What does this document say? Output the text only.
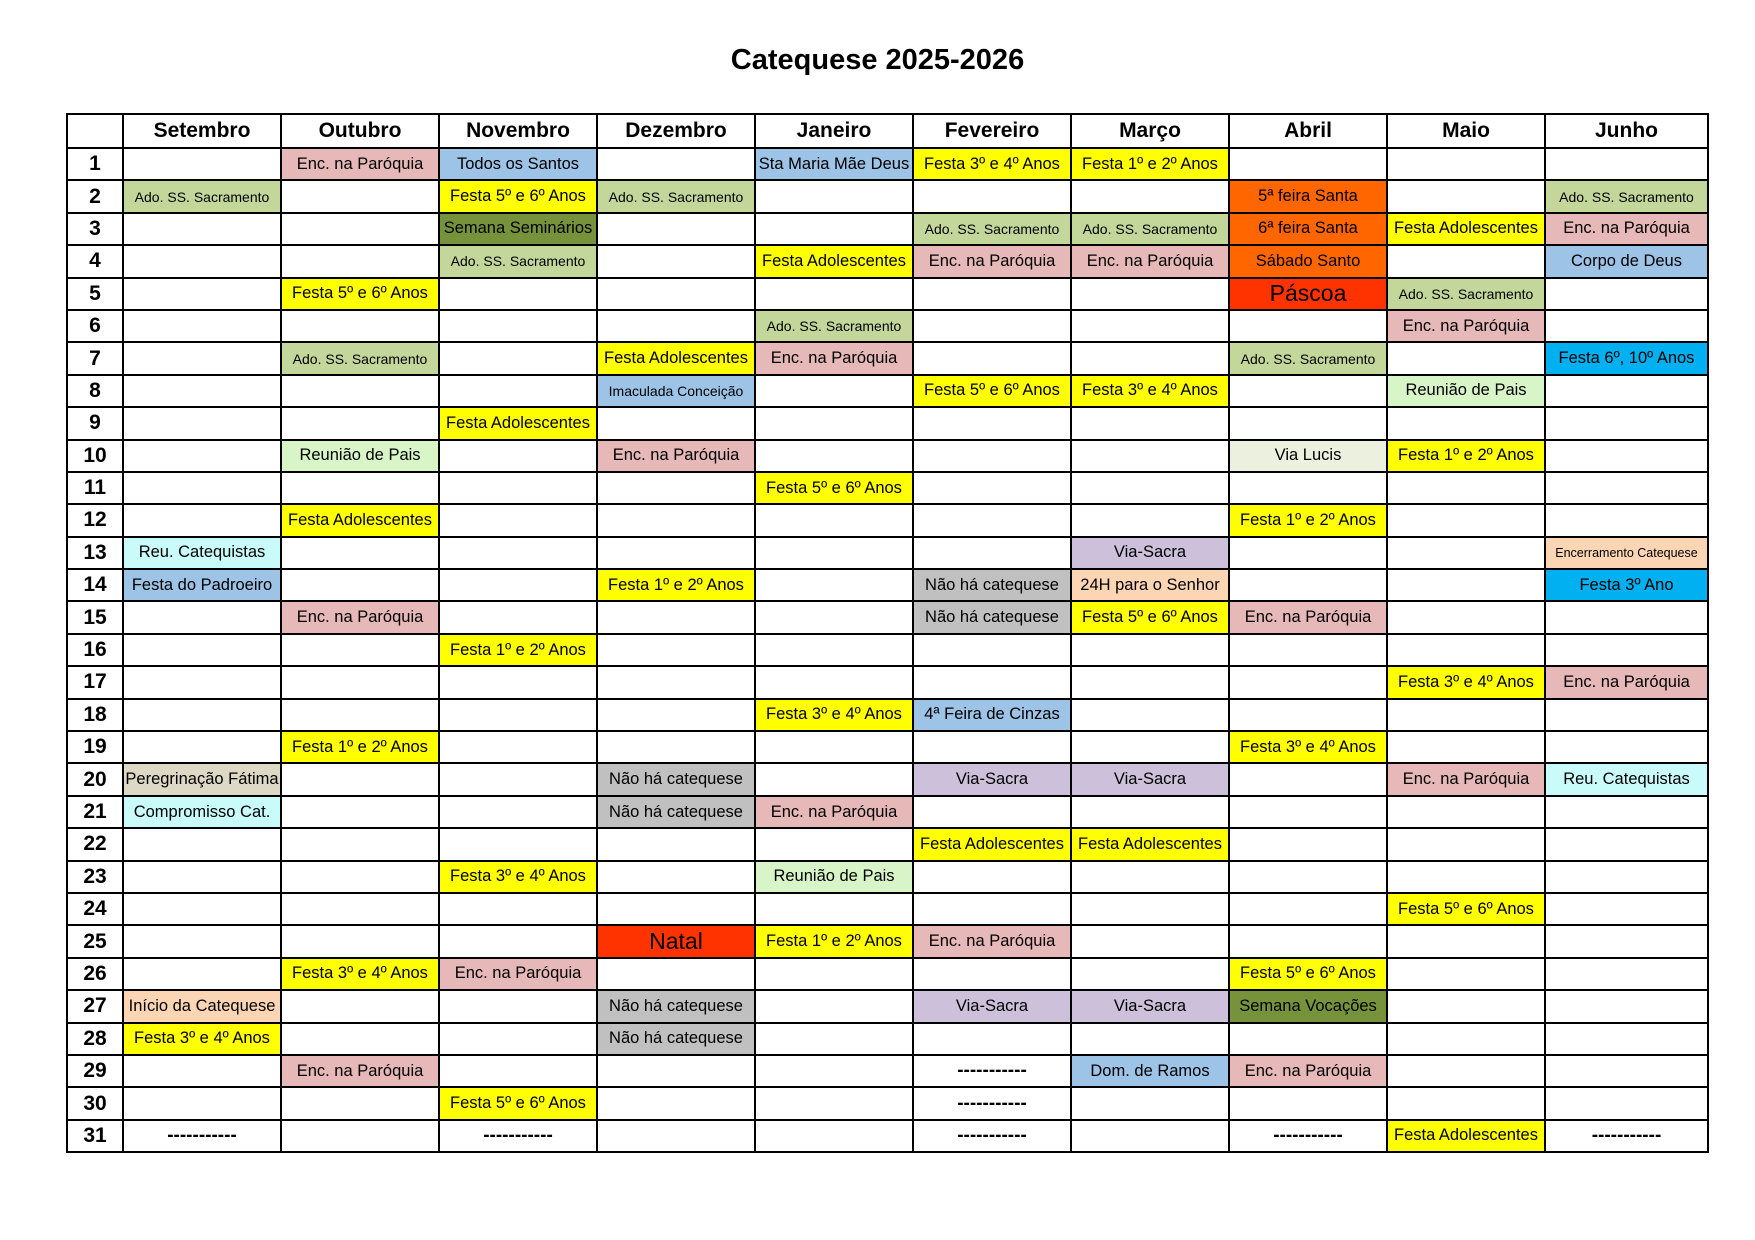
Catequese 2025-2026
	Setembro	Outubro	Novembro	Dezembro	Janeiro	Fevereiro	Março	Abril	Maio	Junho
1		Enc. na Paróquia	Todos os Santos		Sta Maria Mãe Deus	Festa 3º e 4º Anos	Festa 1º e 2º Anos			
2	Ado. SS. Sacramento		Festa 5º e 6º Anos	Ado. SS. Sacramento				5ª feira Santa		Ado. SS. Sacramento
3			Semana Seminários			Ado. SS. Sacramento	Ado. SS. Sacramento	6ª feira Santa	Festa Adolescentes	Enc. na Paróquia
4			Ado. SS. Sacramento		Festa Adolescentes	Enc. na Paróquia	Enc. na Paróquia	Sábado Santo		Corpo de Deus
5		Festa 5º e 6º Anos						Páscoa	Ado. SS. Sacramento	
6					Ado. SS. Sacramento				Enc. na Paróquia	
7		Ado. SS. Sacramento		Festa Adolescentes	Enc. na Paróquia			Ado. SS. Sacramento		Festa 6º, 10º Anos
8				Imaculada Conceição		Festa 5º e 6º Anos	Festa 3º e 4º Anos		Reunião de Pais	
9			Festa Adolescentes							
10		Reunião de Pais		Enc. na Paróquia				Via Lucis	Festa 1º e 2º Anos	
11					Festa 5º e 6º Anos					
12		Festa Adolescentes						Festa 1º e 2º Anos		
13	Reu. Catequistas						Via-Sacra			Encerramento Catequese
14	Festa do Padroeiro			Festa 1º e 2º Anos		Não há catequese	24H para o Senhor			Festa 3º Ano
15		Enc. na Paróquia				Não há catequese	Festa 5º e 6º Anos	Enc. na Paróquia		
16			Festa 1º e 2º Anos							
17									Festa 3º e 4º Anos	Enc. na Paróquia
18					Festa 3º e 4º Anos	4ª Feira de Cinzas				
19		Festa 1º e 2º Anos						Festa 3º e 4º Anos		
20	Peregrinação Fátima			Não há catequese		Via-Sacra	Via-Sacra		Enc. na Paróquia	Reu. Catequistas
21	Compromisso Cat.			Não há catequese	Enc. na Paróquia					
22						Festa Adolescentes	Festa Adolescentes			
23			Festa 3º e 4º Anos		Reunião de Pais					
24									Festa 5º e 6º Anos	
25				Natal	Festa 1º e 2º Anos	Enc. na Paróquia				
26		Festa 3º e 4º Anos	Enc. na Paróquia					Festa 5º e 6º Anos		
27	Início da Catequese			Não há catequese		Via-Sacra	Via-Sacra	Semana Vocações		
28	Festa 3º e 4º Anos			Não há catequese						
29		Enc. na Paróquia				-----------	Dom. de Ramos	Enc. na Paróquia		
30			Festa 5º e 6º Anos			-----------				
31	-----------		-----------			-----------		-----------	Festa Adolescentes	-----------
